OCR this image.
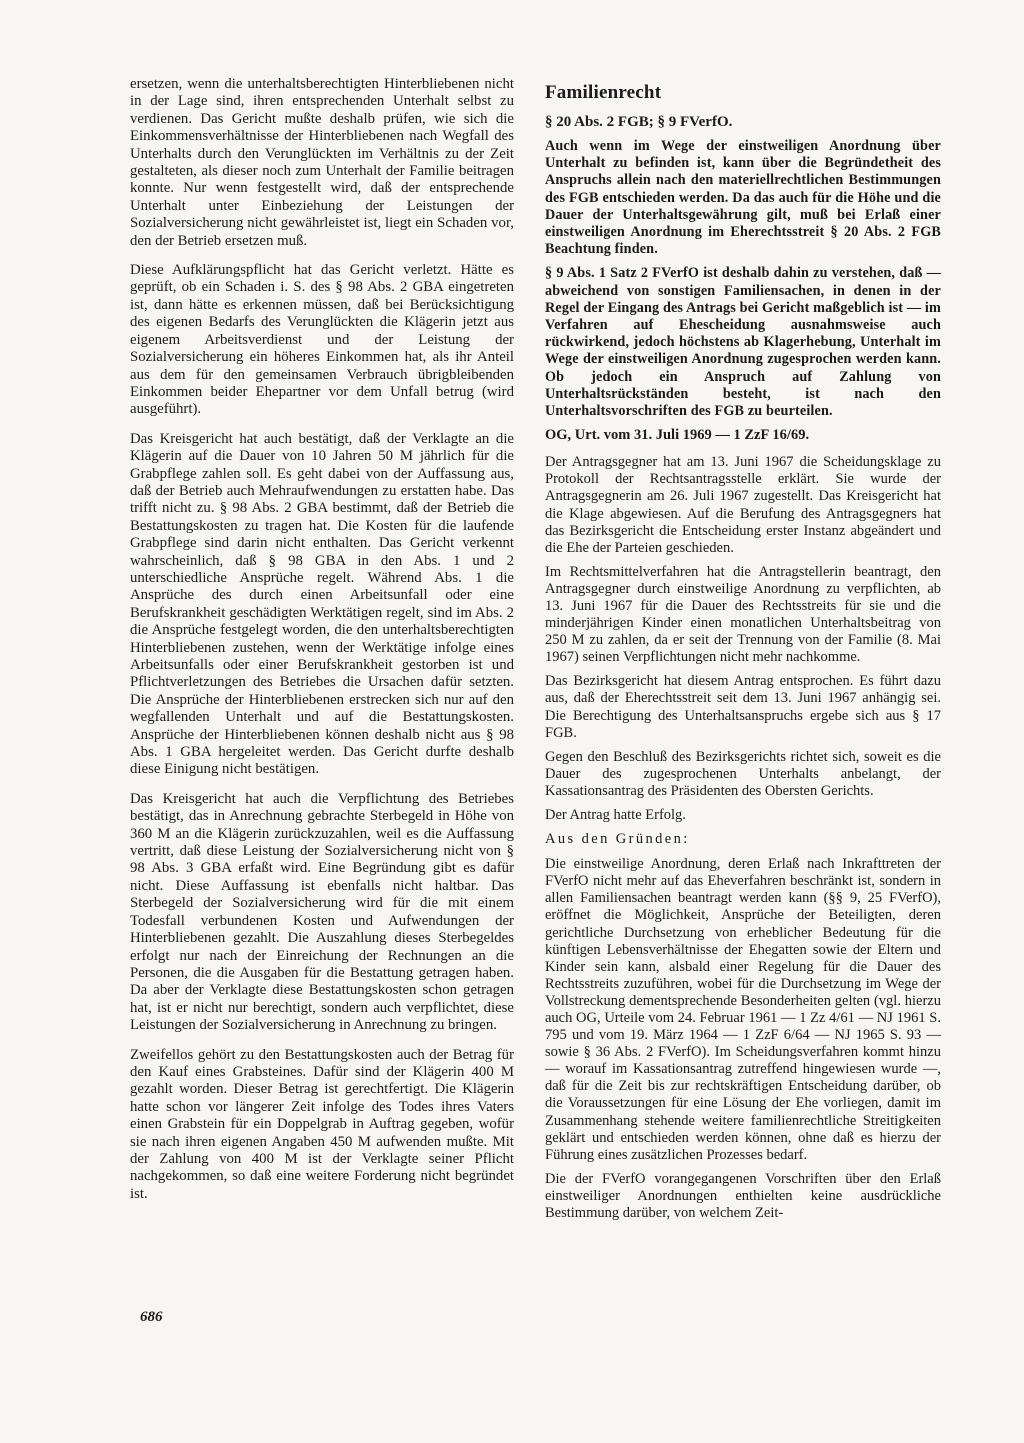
ersetzen, wenn die unterhaltsberechtigten Hinterbliebenen nicht in der Lage sind, ihren entsprechenden Unterhalt selbst zu verdienen. Das Gericht mußte deshalb prüfen, wie sich die Einkommensverhältnisse der Hinterbliebenen nach Wegfall des Unterhalts durch den Verunglückten im Verhältnis zu der Zeit gestalteten, als dieser noch zum Unterhalt der Familie beitragen konnte. Nur wenn festgestellt wird, daß der entsprechende Unterhalt unter Einbeziehung der Leistungen der Sozialversicherung nicht gewährleistet ist, liegt ein Schaden vor, den der Betrieb ersetzen muß.

Diese Aufklärungspflicht hat das Gericht verletzt. Hätte es geprüft, ob ein Schaden i. S. des § 98 Abs. 2 GBA eingetreten ist, dann hätte es erkennen müssen, daß bei Berücksichtigung des eigenen Bedarfs des Verunglückten die Klägerin jetzt aus eigenem Arbeitsverdienst und der Leistung der Sozialversicherung ein höheres Einkommen hat, als ihr Anteil aus dem für den gemeinsamen Verbrauch übrigbleibenden Einkommen beider Ehepartner vor dem Unfall betrug (wird ausgeführt).

Das Kreisgericht hat auch bestätigt, daß der Verklagte an die Klägerin auf die Dauer von 10 Jahren 50 M jährlich für die Grabpflege zahlen soll. Es geht dabei von der Auffassung aus, daß der Betrieb auch Mehraufwendungen zu erstatten habe. Das trifft nicht zu. § 98 Abs. 2 GBA bestimmt, daß der Betrieb die Bestattungskosten zu tragen hat. Die Kosten für die laufende Grabpflege sind darin nicht enthalten. Das Gericht verkennt wahrscheinlich, daß § 98 GBA in den Abs. 1 und 2 unterschiedliche Ansprüche regelt. Während Abs. 1 die Ansprüche des durch einen Arbeitsunfall oder eine Berufskrankheit geschädigten Werktätigen regelt, sind im Abs. 2 die Ansprüche festgelegt worden, die den unterhaltsberechtigten Hinterbliebenen zustehen, wenn der Werktätige infolge eines Arbeitsunfalls oder einer Berufskrankheit gestorben ist und Pflichtverletzungen des Betriebes die Ursachen dafür setzten. Die Ansprüche der Hinterbliebenen erstrecken sich nur auf den wegfallenden Unterhalt und auf die Bestattungskosten. Ansprüche der Hinterbliebenen können deshalb nicht aus § 98 Abs. 1 GBA hergeleitet werden. Das Gericht durfte deshalb diese Einigung nicht bestätigen.

Das Kreisgericht hat auch die Verpflichtung des Betriebes bestätigt, das in Anrechnung gebrachte Sterbegeld in Höhe von 360 M an die Klägerin zurückzuzahlen, weil es die Auffassung vertritt, daß diese Leistung der Sozialversicherung nicht von § 98 Abs. 3 GBA erfaßt wird. Eine Begründung gibt es dafür nicht. Diese Auffassung ist ebenfalls nicht haltbar. Das Sterbegeld der Sozialversicherung wird für die mit einem Todesfall verbundenen Kosten und Aufwendungen der Hinterbliebenen gezahlt. Die Auszahlung dieses Sterbegeldes erfolgt nur nach der Einreichung der Rechnungen an die Personen, die die Ausgaben für die Bestattung getragen haben. Da aber der Verklagte diese Bestattungskosten schon getragen hat, ist er nicht nur berechtigt, sondern auch verpflichtet, diese Leistungen der Sozialversicherung in Anrechnung zu bringen.

Zweifellos gehört zu den Bestattungskosten auch der Betrag für den Kauf eines Grabsteines. Dafür sind der Klägerin 400 M gezahlt worden. Dieser Betrag ist gerechtfertigt. Die Klägerin hatte schon vor längerer Zeit infolge des Todes ihres Vaters einen Grabstein für ein Doppelgrab in Auftrag gegeben, wofür sie nach ihren eigenen Angaben 450 M aufwenden mußte. Mit der Zahlung von 400 M ist der Verklagte seiner Pflicht nachgekommen, so daß eine weitere Forderung nicht begründet ist.

Familienrecht
§ 20 Abs. 2 FGB; § 9 FVerfO.

Auch wenn im Wege der einstweiligen Anordnung über Unterhalt zu befinden ist, kann über die Begründetheit des Anspruchs allein nach den materiellrechtlichen Bestimmungen des FGB entschieden werden. Da das auch für die Höhe und die Dauer der Unterhaltsgewährung gilt, muß bei Erlaß einer einstweiligen Anordnung im Eherechtsstreit § 20 Abs. 2 FGB Beachtung finden.

§ 9 Abs. 1 Satz 2 FVerfO ist deshalb dahin zu verstehen, daß — abweichend von sonstigen Familiensachen, in denen in der Regel der Eingang des Antrags bei Gericht maßgeblich ist — im Verfahren auf Ehescheidung ausnahmsweise auch rückwirkend, jedoch höchstens ab Klagerhebung, Unterhalt im Wege der einstweiligen Anordnung zugesprochen werden kann. Ob jedoch ein Anspruch auf Zahlung von Unterhaltsrückständen besteht, ist nach den Unterhaltsvorschriften des FGB zu beurteilen.

OG, Urt. vom 31. Juli 1969 — 1 ZzF 16/69.

Der Antragsgegner hat am 13. Juni 1967 die Scheidungsklage zu Protokoll der Rechtsantragsstelle erklärt. Sie wurde der Antragsgegnerin am 26. Juli 1967 zugestellt. Das Kreisgericht hat die Klage abgewiesen. Auf die Berufung des Antragsgegners hat das Bezirksgericht die Entscheidung erster Instanz abgeändert und die Ehe der Parteien geschieden.

Im Rechtsmittelverfahren hat die Antragstellerin beantragt, den Antragsgegner durch einstweilige Anordnung zu verpflichten, ab 13. Juni 1967 für die Dauer des Rechtsstreits für sie und die minderjährigen Kinder einen monatlichen Unterhaltsbeitrag von 250 M zu zahlen, da er seit der Trennung von der Familie (8. Mai 1967) seinen Verpflichtungen nicht mehr nachkomme.

Das Bezirksgericht hat diesem Antrag entsprochen. Es führt dazu aus, daß der Eherechtsstreit seit dem 13. Juni 1967 anhängig sei. Die Berechtigung des Unterhaltsanspruchs ergebe sich aus § 17 FGB.

Gegen den Beschluß des Bezirksgerichts richtet sich, soweit es die Dauer des zugesprochenen Unterhalts anbelangt, der Kassationsantrag des Präsidenten des Obersten Gerichts.

Der Antrag hatte Erfolg.

Aus den Gründen:

Die einstweilige Anordnung, deren Erlaß nach Inkrafttreten der FVerfO nicht mehr auf das Eheverfahren beschränkt ist, sondern in allen Familiensachen beantragt werden kann (§§ 9, 25 FVerfO), eröffnet die Möglichkeit, Ansprüche der Beteiligten, deren gerichtliche Durchsetzung von erheblicher Bedeutung für die künftigen Lebensverhältnisse der Ehegatten sowie der Eltern und Kinder sein kann, alsbald einer Regelung für die Dauer des Rechtsstreits zuzuführen, wobei für die Durchsetzung im Wege der Vollstreckung dementsprechende Besonderheiten gelten (vgl. hierzu auch OG, Urteile vom 24. Februar 1961 — 1 Zz 4/61 — NJ 1961 S. 795 und vom 19. März 1964 — 1 ZzF 6/64 — NJ 1965 S. 93 — sowie § 36 Abs. 2 FVerfO). Im Scheidungsverfahren kommt hinzu — worauf im Kassationsantrag zutreffend hingewiesen wurde —, daß für die Zeit bis zur rechtskräftigen Entscheidung darüber, ob die Voraussetzungen für eine Lösung der Ehe vorliegen, damit im Zusammenhang stehende weitere familienrechtliche Streitigkeiten geklärt und entschieden werden können, ohne daß es hierzu der Führung eines zusätzlichen Prozesses bedarf.

Die der FVerfO vorangegangenen Vorschriften über den Erlaß einstweiliger Anordnungen enthielten keine ausdrückliche Bestimmung darüber, von welchem Zeit-

686
